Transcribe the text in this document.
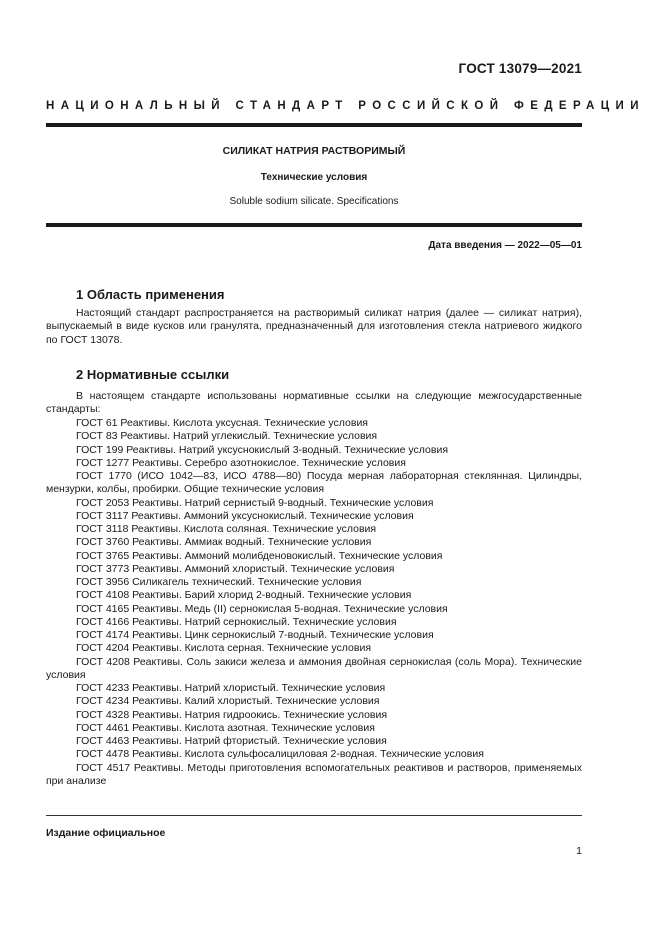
ГОСТ 13079—2021
НАЦИОНАЛЬНЫЙ СТАНДАРТ РОССИЙСКОЙ ФЕДЕРАЦИИ
СИЛИКАТ НАТРИЯ РАСТВОРИМЫЙ
Технические условия
Soluble sodium silicate. Specifications
Дата введения — 2022—05—01
1 Область применения
Настоящий стандарт распространяется на растворимый силикат натрия (далее — силикат натрия), выпускаемый в виде кусков или гранулята, предназначенный для изготовления стекла натриевого жидкого по ГОСТ 13078.
2 Нормативные ссылки
В настоящем стандарте использованы нормативные ссылки на следующие межгосударственные стандарты:
ГОСТ 61 Реактивы. Кислота уксусная. Технические условия
ГОСТ 83 Реактивы. Натрий углекислый. Технические условия
ГОСТ 199 Реактивы. Натрий уксуснокислый 3-водный. Технические условия
ГОСТ 1277 Реактивы. Серебро азотнокислое. Технические условия
ГОСТ 1770 (ИСО 1042—83, ИСО 4788—80) Посуда мерная лабораторная стеклянная. Цилиндры, мензурки, колбы, пробирки. Общие технические условия
ГОСТ 2053 Реактивы. Натрий сернистый 9-водный. Технические условия
ГОСТ 3117 Реактивы. Аммоний уксуснокислый. Технические условия
ГОСТ 3118 Реактивы. Кислота соляная. Технические условия
ГОСТ 3760 Реактивы. Аммиак водный. Технические условия
ГОСТ 3765 Реактивы. Аммоний молибденовокислый. Технические условия
ГОСТ 3773 Реактивы. Аммоний хлористый. Технические условия
ГОСТ 3956 Силикагель технический. Технические условия
ГОСТ 4108 Реактивы. Барий хлорид 2-водный. Технические условия
ГОСТ 4165 Реактивы. Медь (II) сернокислая 5-водная. Технические условия
ГОСТ 4166 Реактивы. Натрий сернокислый. Технические условия
ГОСТ 4174 Реактивы. Цинк сернокислый 7-водный. Технические условия
ГОСТ 4204 Реактивы. Кислота серная. Технические условия
ГОСТ 4208 Реактивы. Соль закиси железа и аммония двойная сернокислая (соль Мора). Технические условия
ГОСТ 4233 Реактивы. Натрий хлористый. Технические условия
ГОСТ 4234 Реактивы. Калий хлористый. Технические условия
ГОСТ 4328 Реактивы. Натрия гидроокись. Технические условия
ГОСТ 4461 Реактивы. Кислота азотная. Технические условия
ГОСТ 4463 Реактивы. Натрий фтористый. Технические условия
ГОСТ 4478 Реактивы. Кислота сульфосалициловая 2-водная. Технические условия
ГОСТ 4517 Реактивы. Методы приготовления вспомогательных реактивов и растворов, применяемых при анализе
Издание официальное
1
